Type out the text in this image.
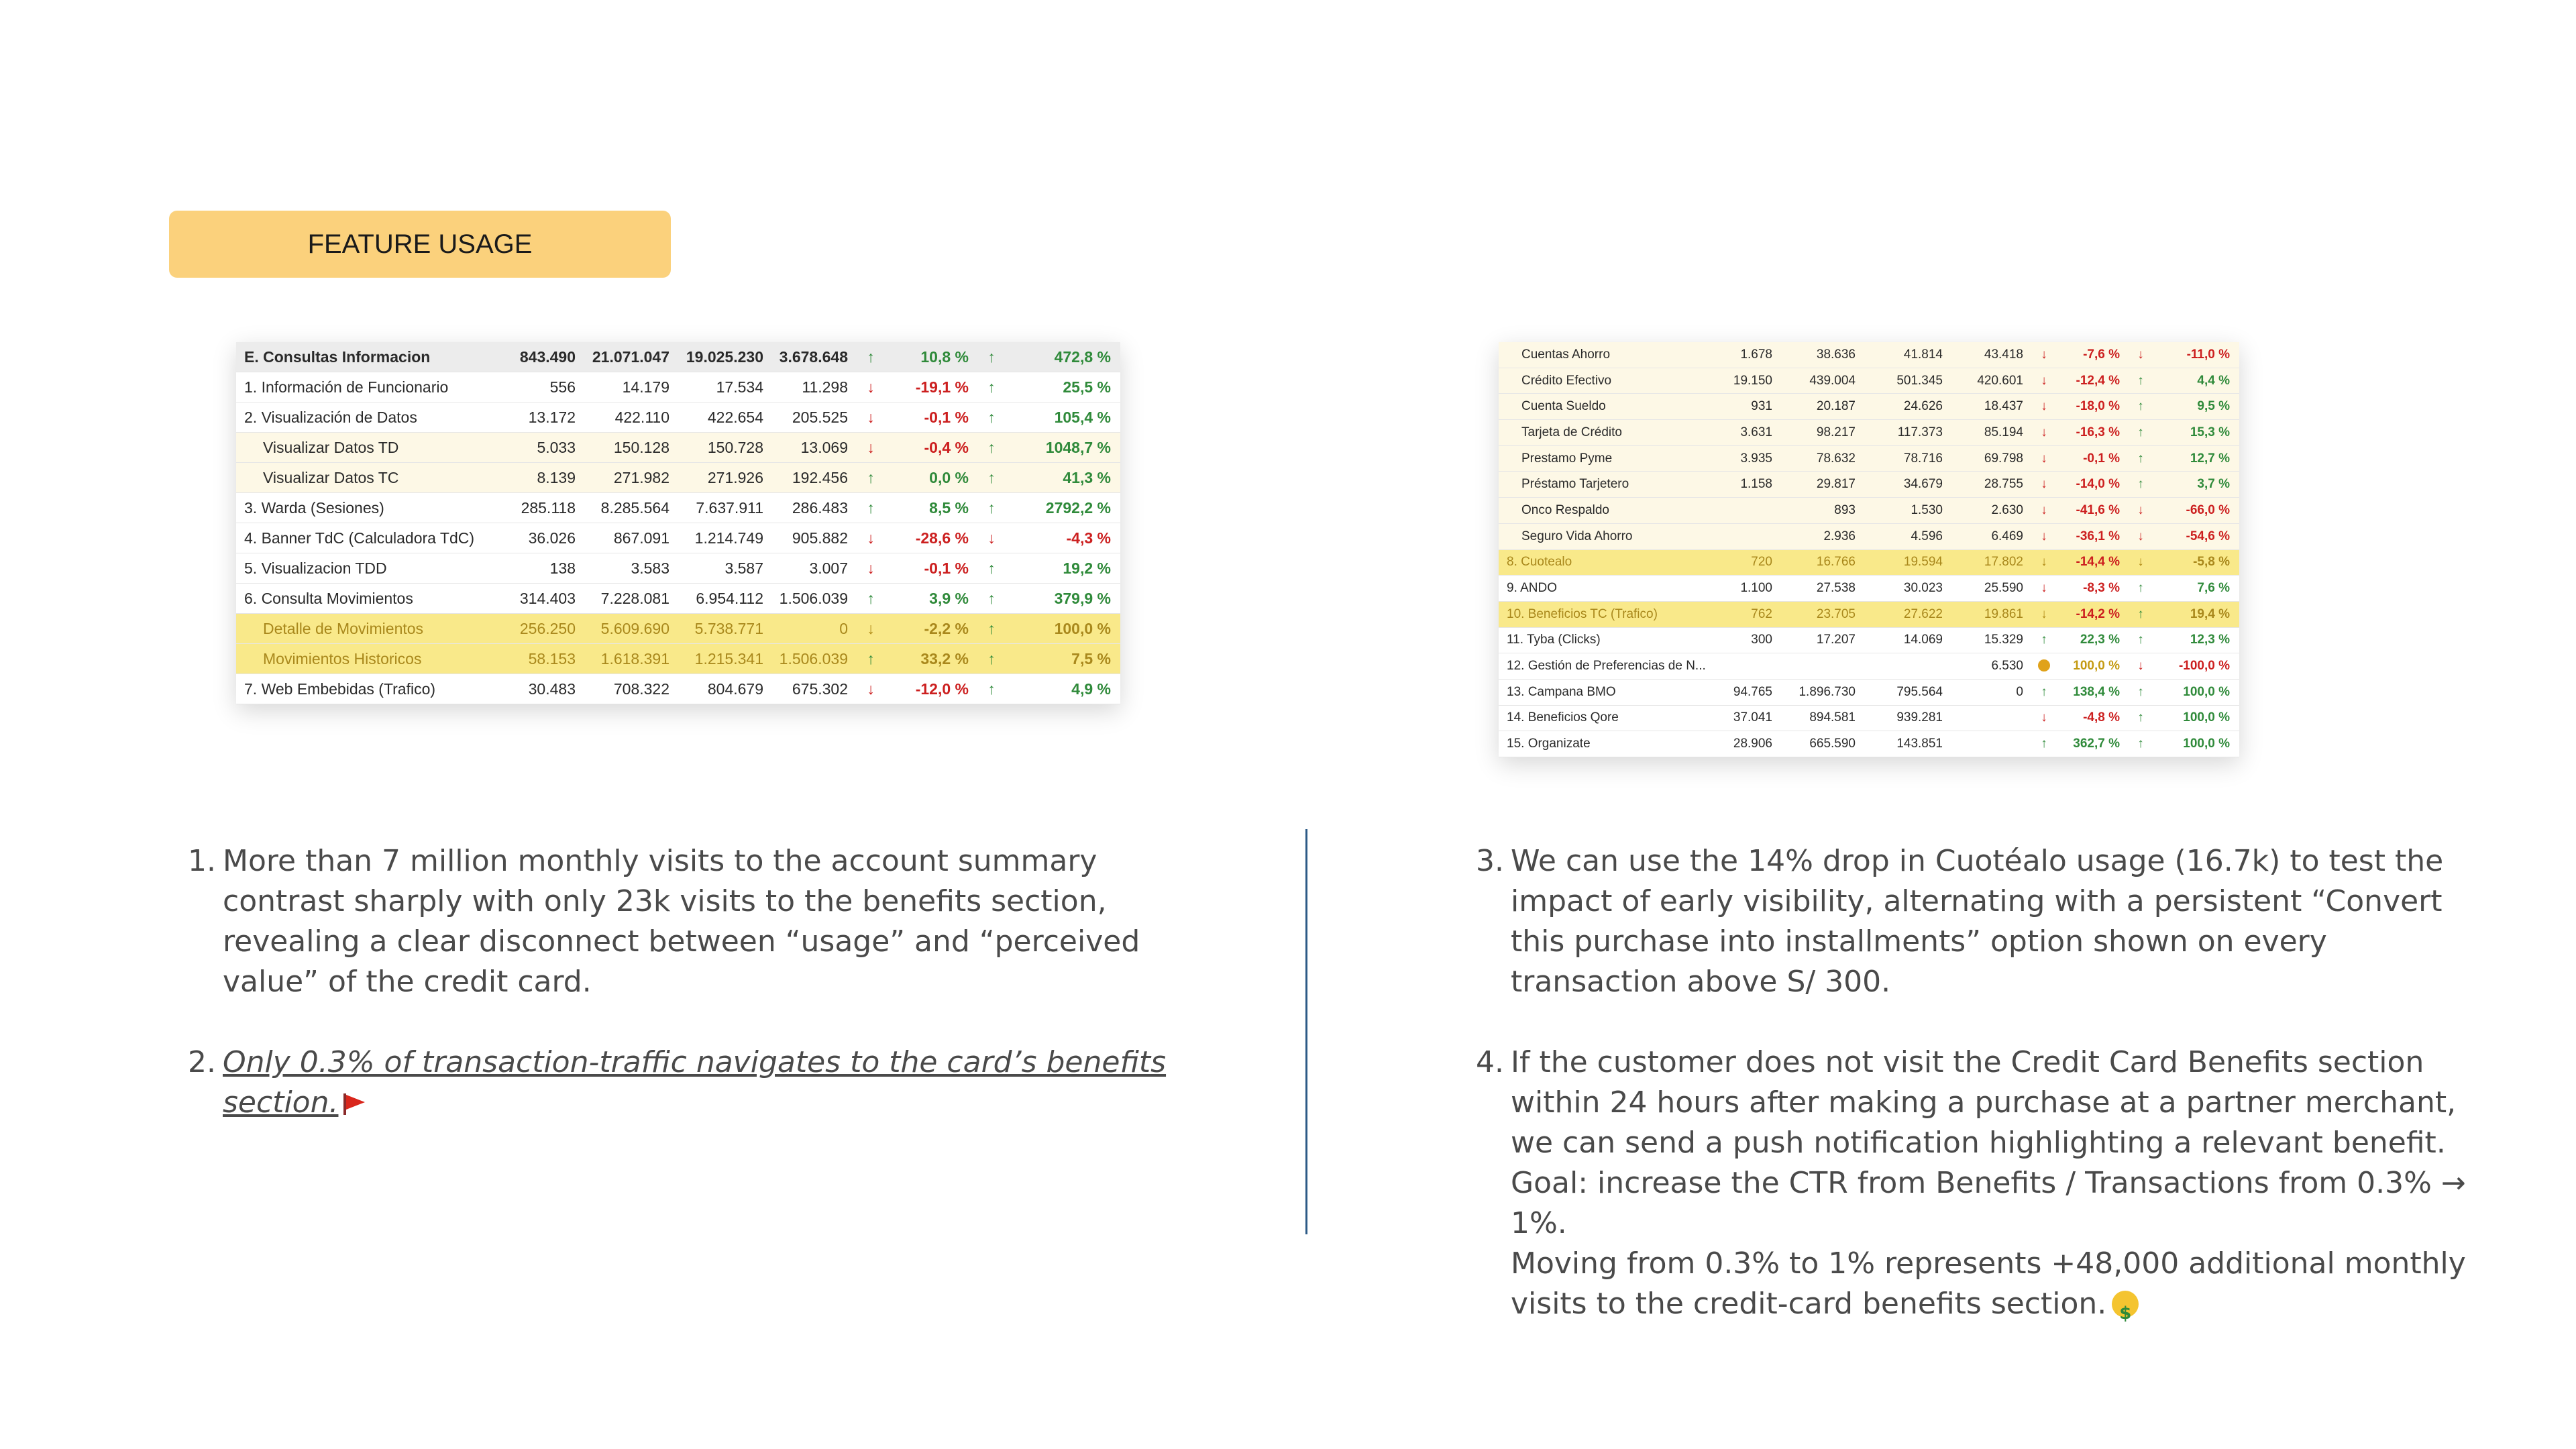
FEATURE USAGE
E. Consultas Informacion	843.490	21.071.047	19.025.230	3.678.648	↑	10,8 %	↑	472,8 %
1. Información de Funcionario	556	14.179	17.534	11.298	↓	-19,1 %	↑	25,5 %
2. Visualización de Datos	13.172	422.110	422.654	205.525	↓	-0,1 %	↑	105,4 %
Visualizar Datos TD	5.033	150.128	150.728	13.069	↓	-0,4 %	↑	1048,7 %
Visualizar Datos TC	8.139	271.982	271.926	192.456	↑	0,0 %	↑	41,3 %
3. Warda (Sesiones)	285.118	8.285.564	7.637.911	286.483	↑	8,5 %	↑	2792,2 %
4. Banner TdC (Calculadora TdC)	36.026	867.091	1.214.749	905.882	↓	-28,6 %	↓	-4,3 %
5. Visualizacion TDD	138	3.583	3.587	3.007	↓	-0,1 %	↑	19,2 %
6. Consulta Movimientos	314.403	7.228.081	6.954.112	1.506.039	↑	3,9 %	↑	379,9 %
Detalle de Movimientos	256.250	5.609.690	5.738.771	0	↓	-2,2 %	↑	100,0 %
Movimientos Historicos	58.153	1.618.391	1.215.341	1.506.039	↑	33,2 %	↑	7,5 %
7. Web Embebidas (Trafico)	30.483	708.322	804.679	675.302	↓	-12,0 %	↑	4,9 %
Cuentas Ahorro	1.678	38.636	41.814	43.418	↓	-7,6 %	↓	-11,0 %
Crédito Efectivo	19.150	439.004	501.345	420.601	↓	-12,4 %	↑	4,4 %
Cuenta Sueldo	931	20.187	24.626	18.437	↓	-18,0 %	↑	9,5 %
Tarjeta de Crédito	3.631	98.217	117.373	85.194	↓	-16,3 %	↑	15,3 %
Prestamo Pyme	3.935	78.632	78.716	69.798	↓	-0,1 %	↑	12,7 %
Préstamo Tarjetero	1.158	29.817	34.679	28.755	↓	-14,0 %	↑	3,7 %
Onco Respaldo		893	1.530	2.630	↓	-41,6 %	↓	-66,0 %
Seguro Vida Ahorro		2.936	4.596	6.469	↓	-36,1 %	↓	-54,6 %
8. Cuotealo	720	16.766	19.594	17.802	↓	-14,4 %	↓	-5,8 %
9. ANDO	1.100	27.538	30.023	25.590	↓	-8,3 %	↑	7,6 %
10. Beneficios TC (Trafico)	762	23.705	27.622	19.861	↓	-14,2 %	↑	19,4 %
11. Tyba (Clicks)	300	17.207	14.069	15.329	↑	22,3 %	↑	12,3 %
12. Gestión de Preferencias de N...				6.530		100,0 %	↓	-100,0 %
13. Campana BMO	94.765	1.896.730	795.564	0	↑	138,4 %	↑	100,0 %
14. Beneficios Qore	37.041	894.581	939.281		↓	-4,8 %	↑	100,0 %
15. Organizate	28.906	665.590	143.851		↑	362,7 %	↑	100,0 %
1. More than 7 million monthly visits to the account summary contrast sharply with only 23k visits to the benefits section, revealing a clear disconnect between “usage” and “perceived value” of the credit card.
2. Only 0.3% of transaction-traffic navigates to the card’s benefits section.
3. We can use the 14% drop in Cuotéalo usage (16.7k) to test the impact of early visibility, alternating with a persistent “Convert this purchase into installments” option shown on every transaction above S/ 300.
4. If the customer does not visit the Credit Card Benefits section within 24 hours after making a purchase at a partner merchant, we can send a push notification highlighting a relevant benefit.
Goal: increase the CTR from Benefits / Transactions from 0.3% → 1%.
Moving from 0.3% to 1% represents +48,000 additional monthly visits to the credit-card benefits section.$
